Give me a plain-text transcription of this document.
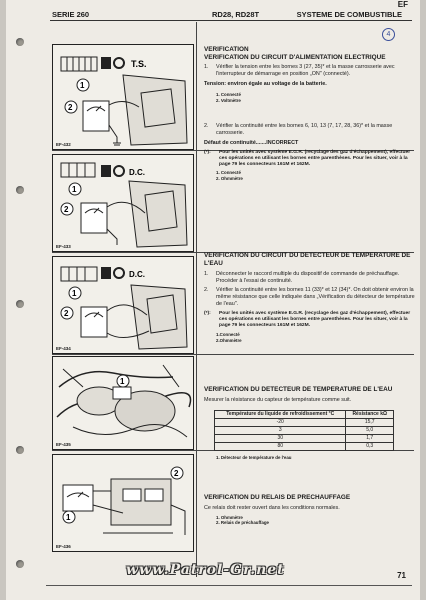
SERIE 260	RD28, RD28T	SYSTEME DE COMBUSTIBLE
EF
4
T.S.
1
2
EF-432
D.C.
1
2
EF-433
D.C.
1
2
EF-434
1
EF-435
1
2
EF-436
VERIFICATION
VERIFICATION DU CIRCUIT D'ALIMENTATION ELECTRIQUE
1.	Vérifier la tension entre les bornes 3 (27, 35)* et la masse carrosserie avec l'interrupteur de démarrage en position „ON" (connecté).
Tension: environ égale au voltage de la batterie.
1. Connecté
2. Voltmètre
2.	Vérifier la continuité entre les bornes 6, 10, 13 (7, 17, 28, 36)* et la masse carrosserie.
Défaut de continuité.......INCORRECT
(*):	Pour les unités avec système E.G.R. (recyclage des gaz d'échappement), effectuer ces opérations en utilisant les bornes entre parenthèses. Pour les situer, voir à la page 79 les connecteurs 161M et 162M.
1. Connecté
2. Ohmmètre
VERIFICATION DU CIRCUIT DU DETECTEUR DE TEMPERATURE DE L'EAU
1.	Déconnecter le raccord multiple du dispositif de commande de préchauffage. Procéder à l'essai de continuité.
2.	Vérifier la continuité entre les bornes 11 (33)* et 12 (34)*. On doit obtenir environ la même résistance que celle indiquée dans „Vérification du détecteur de température de l'eau".
(*):	Pour les unités avec système E.G.R. (recyclage des gaz d'échappement), effectuer ces opérations en utilisant les bornes entre parenthèses. Pour les situer, voir à la page 79 les connecteurs 161M et 162M.
1.Connecté
2.Ohmmètre
VERIFICATION DU DETECTEUR DE TEMPERATURE DE L'EAU
Mesurer la résistance du capteur de température comme suit.
Température du liquide de refroidissement °C	Résistance kΩ
-20	15,7
3	5,0
30	1,7
80	0,3
1. Détecteur de température de l'eau
VERIFICATION DU RELAIS DE PRECHAUFFAGE
Ce relais doit rester ouvert dans les conditions normales.
1. Ohmmètre
2. Relais de préchauffage
www.Patrol-Gr.net	71
